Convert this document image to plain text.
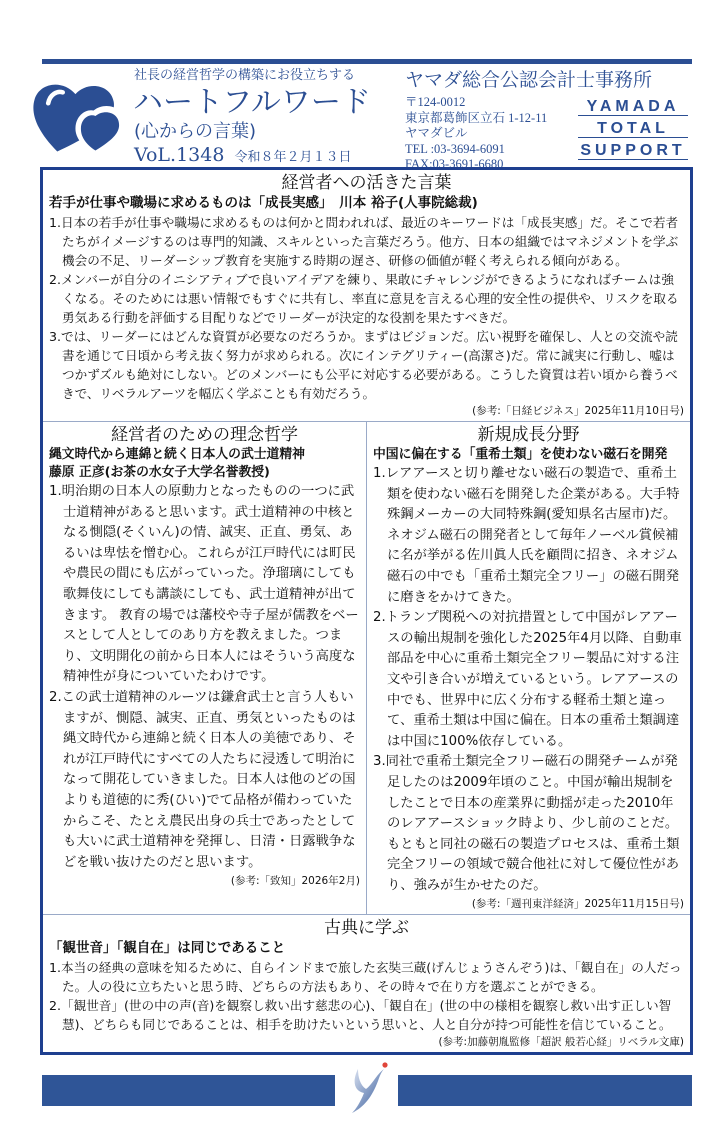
社長の経営哲学の構築にお役立ちする
ハートフルワード
(心からの言葉)
VoL.1348 令和８年２月１３日
ヤマダ総合公認会計士事務所
〒124-0012
東京都葛飾区立石 1-12-11
ヤマダビル
TEL :03-3694-6091
FAX:03-3691-6680
YAMADA
TOTAL
SUPPORT
経営者への活きた言葉
若手が仕事や職場に求めるものは「成長実感」　川本 裕子(人事院総裁)
1.日本の若手が仕事や職場に求めるものは何かと問われれば、最近のキーワードは「成長実感」だ。そこで若者たちがイメージするのは専門的知識、スキルといった言葉だろう。他方、日本の組織ではマネジメントを学ぶ機会の不足、リーダーシップ教育を実施する時期の遅さ、研修の価値が軽く考えられる傾向がある。
2.メンバーが自分のイニシアティブで良いアイデアを練り、果敢にチャレンジができるようになればチームは強くなる。そのためには悪い情報でもすぐに共有し、率直に意見を言える心理的安全性の提供や、リスクを取る勇気ある行動を評価する目配りなどでリーダーが決定的な役割を果たすべきだ。
3.では、リーダーにはどんな資質が必要なのだろうか。まずはビジョンだ。広い視野を確保し、人との交流や読書を通じて日頃から考え抜く努力が求められる。次にインテグリティー(高潔さ)だ。常に誠実に行動し、嘘はつかずズルも絶対にしない。どのメンバーにも公平に対応する必要がある。こうした資質は若い頃から養うべきで、リベラルアーツを幅広く学ぶことも有効だろう。
(参考:「日経ビジネス」2025年11月10日号)
経営者のための理念哲学
縄文時代から連綿と続く日本人の武士道精神
藤原 正彦(お茶の水女子大学名誉教授)
1.明治期の日本人の原動力となったものの一つに武士道精神があると思います。武士道精神の中核となる惻隠(そくいん)の情、誠実、正直、勇気、あるいは卑怯を憎む心。これらが江戸時代には町民や農民の間にも広がっていった。浄瑠璃にしても歌舞伎にしても講談にしても、武士道精神が出てきます。 教育の場では藩校や寺子屋が儒教をベースとして人としてのあり方を教えました。つまり、文明開化の前から日本人にはそういう高度な精神性が身についていたわけです。
2.この武士道精神のルーツは鎌倉武士と言う人もいますが、惻隠、誠実、正直、勇気といったものは縄文時代から連綿と続く日本人の美徳であり、それが江戸時代にすべての人たちに浸透して明治になって開花していきました。日本人は他のどの国よりも道徳的に秀(ひい)でて品格が備わっていたからこそ、たとえ農民出身の兵士であったとしても大いに武士道精神を発揮し、日清・日露戦争などを戦い抜けたのだと思います。
(参考:「致知」2026年2月)
新規成長分野
中国に偏在する「重希土類」を使わない磁石を開発
1.レアアースと切り離せない磁石の製造で、重希土類を使わない磁石を開発した企業がある。大手特殊鋼メーカーの大同特殊鋼(愛知県名古屋市)だ。ネオジム磁石の開発者として毎年ノーベル賞候補に名が挙がる佐川眞人氏を顧問に招き、ネオジム磁石の中でも「重希土類完全フリー」の磁石開発に磨きをかけてきた。
2.トランプ関税への対抗措置として中国がレアアースの輸出規制を強化した2025年4月以降、自動車部品を中心に重希土類完全フリー製品に対する注文や引き合いが増えているという。レアアースの中でも、世界中に広く分布する軽希土類と違って、重希土類は中国に偏在。日本の重希土類調達は中国に100%依存している。
3.同社で重希土類完全フリー磁石の開発チームが発足したのは2009年頃のこと。中国が輸出規制をしたことで日本の産業界に動揺が走った2010年のレアアースショック時より、少し前のことだ。もともと同社の磁石の製造プロセスは、重希土類完全フリーの領域で競合他社に対して優位性があり、強みが生かせたのだ。
(参考:「週刊東洋経済」2025年11月15日号)
古典に学ぶ
「観世音」「観自在」は同じであること
1.本当の経典の意味を知るために、自らインドまで旅した玄奘三蔵(げんじょうさんぞう)は、「観自在」の人だった。人の役に立ちたいと思う時、どちらの方法もあり、その時々で在り方を選ぶことができる。
2.「観世音」(世の中の声(音)を観察し救い出す慈悲の心)、「観自在」(世の中の様相を観察し救い出す正しい智慧)、どちらも同じであることは、相手を助けたいという思いと、人と自分が持つ可能性を信じていること。
(参考:加藤朝胤監修「超訳 般若心経」リベラル文庫)
